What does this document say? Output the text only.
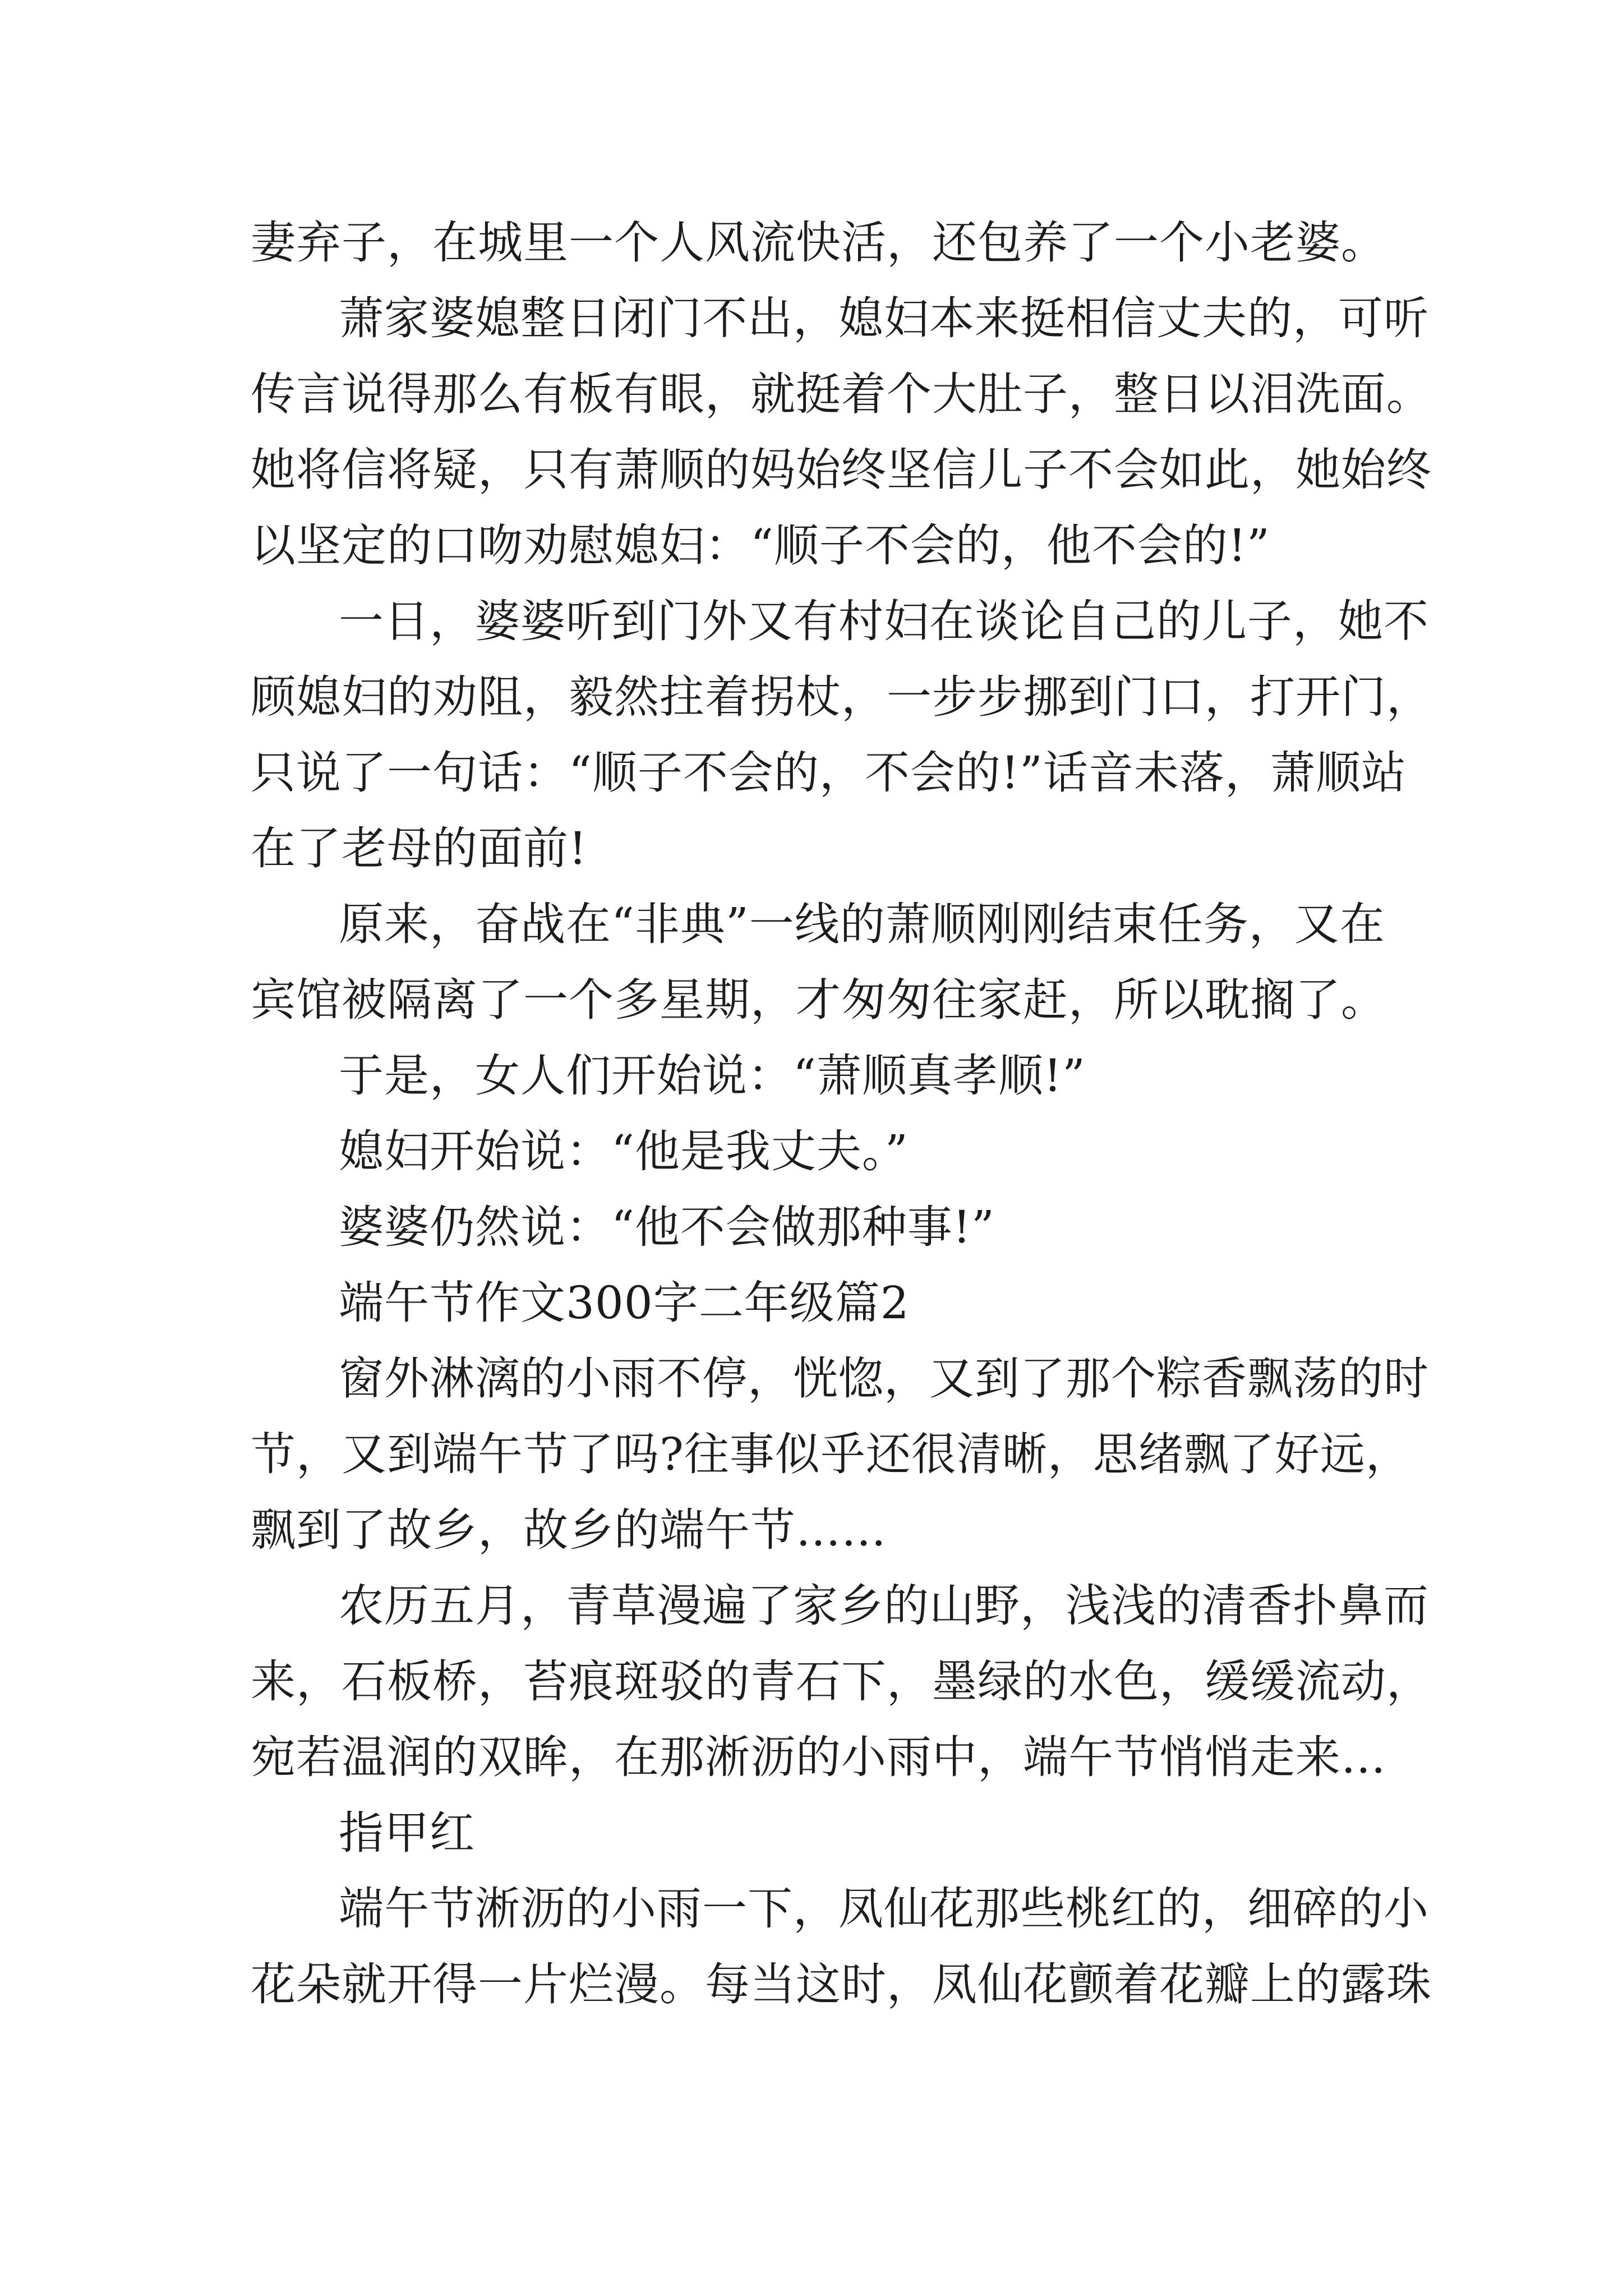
妻弃子，在城里一个人风流快活，还包养了一个小老婆。
萧家婆媳整日闭门不出，媳妇本来挺相信丈夫的，可听
传言说得那么有板有眼，就挺着个大肚子，整日以泪洗面。
她将信将疑，只有萧顺的妈始终坚信儿子不会如此，她始终
以坚定的口吻劝慰媳妇：“顺子不会的，他不会的!”
一日，婆婆听到门外又有村妇在谈论自己的儿子，她不
顾媳妇的劝阻，毅然拄着拐杖，一步步挪到门口，打开门，
只说了一句话：“顺子不会的，不会的!”话音未落，萧顺站
在了老母的面前!
原来，奋战在“非典”一线的萧顺刚刚结束任务，又在
宾馆被隔离了一个多星期，才匆匆往家赶，所以耽搁了。
于是，女人们开始说：“萧顺真孝顺!”
媳妇开始说：“他是我丈夫。”
婆婆仍然说：“他不会做那种事!”
端午节作文300字二年级篇2
窗外淋漓的小雨不停，恍惚，又到了那个粽香飘荡的时
节，又到端午节了吗?往事似乎还很清晰，思绪飘了好远，
飘到了故乡，故乡的端午节……
农历五月，青草漫遍了家乡的山野，浅浅的清香扑鼻而
来，石板桥，苔痕斑驳的青石下，墨绿的水色，缓缓流动，
宛若温润的双眸，在那淅沥的小雨中，端午节悄悄走来…
指甲红
端午节淅沥的小雨一下，凤仙花那些桃红的，细碎的小
花朵就开得一片烂漫。每当这时，凤仙花颤着花瓣上的露珠
